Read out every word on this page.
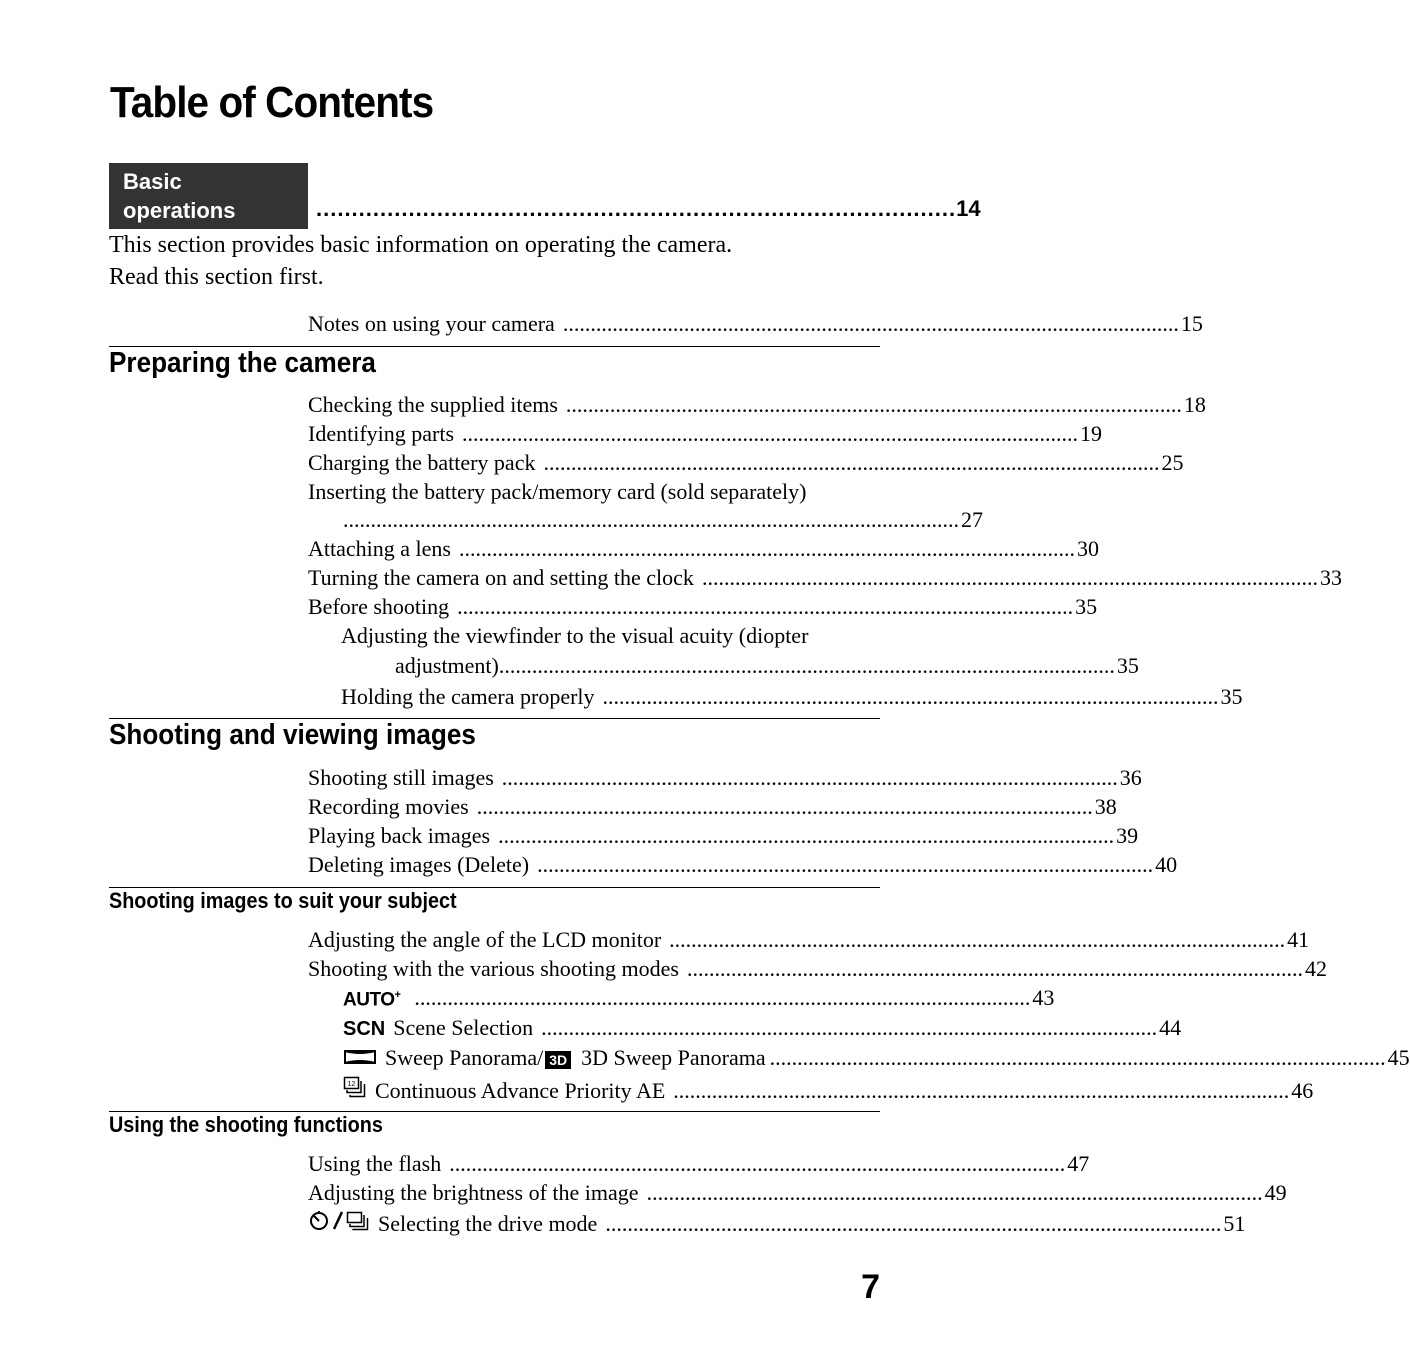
Table of Contents
Basic
operations	.......................................................................................... 14
This section provides basic information on operating the camera.
Read this section first.
Notes on using your camera ................................................................................................................ 15
Preparing the camera
Checking the supplied items ................................................................................................................ 18
Identifying parts ................................................................................................................ 19
Charging the battery pack ................................................................................................................ 25
Inserting the battery pack/memory card (sold separately)
................................................................................................................ 27
Attaching a lens ................................................................................................................ 30
Turning the camera on and setting the clock ................................................................................................................ 33
Before shooting ................................................................................................................ 35
Adjusting the viewfinder to the visual acuity (diopter
adjustment) ................................................................................................................ 35
Holding the camera properly ................................................................................................................ 35
Shooting and viewing images
Shooting still images ................................................................................................................ 36
Recording movies ................................................................................................................ 38
Playing back images ................................................................................................................ 39
Deleting images (Delete) ................................................................................................................ 40
Shooting images to suit your subject
Adjusting the angle of the LCD monitor ................................................................................................................ 41
Shooting with the various shooting modes ................................................................................................................ 42
AUTO+ ................................................................................................................ 43
SCN Scene Selection ................................................................................................................ 44
Sweep Panorama/ 3D 3D Sweep Panorama ................................................................................................................ 45
12 Continuous Advance Priority AE ................................................................................................................ 46
Using the shooting functions
Using the flash ................................................................................................................ 47
Adjusting the brightness of the image ................................................................................................................ 49
Selecting the drive mode ................................................................................................................ 51
7
